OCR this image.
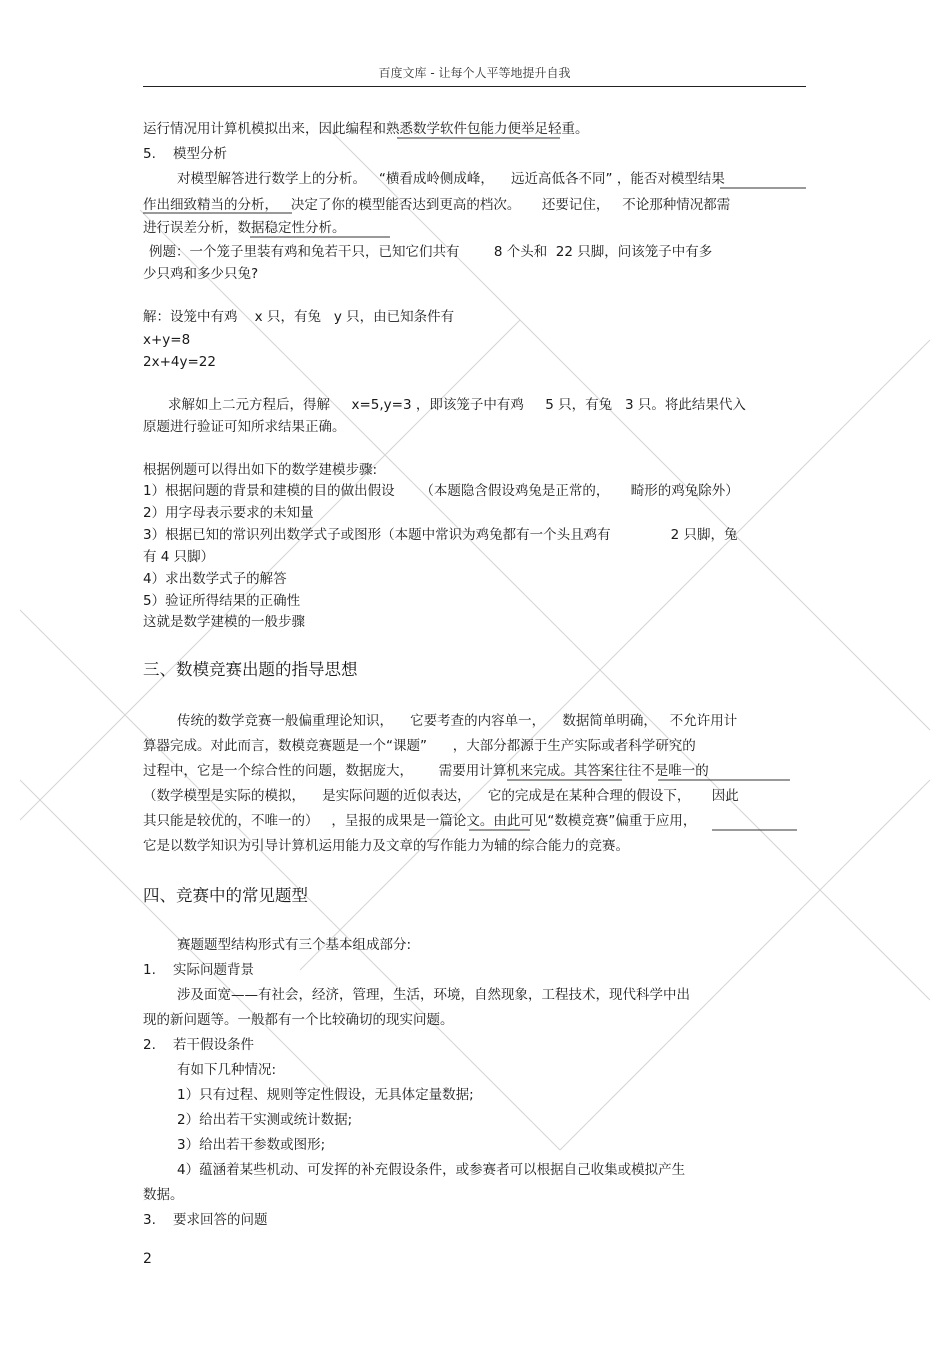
百度文库 - 让每个人平等地提升自我
运行情况用计算机模拟出来，因此编程和熟悉数学软件包能力便举足轻重。
5.    模型分析
对模型解答进行数学上的分析。   “横看成岭侧成峰，    远近高低各不同” ，能否对模型结果
作出细致精当的分析，   决定了你的模型能否达到更高的档次。     还要记住，   不论那种情况都需
进行误差分析，数据稳定性分析。
例题：一个笼子里装有鸡和兔若干只，已知它们共有        8 个头和  22 只脚，问该笼子中有多
少只鸡和多少只兔?
解：设笼中有鸡    x 只，有兔   y 只，由已知条件有
x+y=8
2x+4y=22
求解如上二元方程后，得解     x=5,y=3 ，即该笼子中有鸡     5 只，有兔   3 只。将此结果代入
原题进行验证可知所求结果正确。
根据例题可以得出如下的数学建模步骤:
1）根据问题的背景和建模的目的做出假设      （本题隐含假设鸡兔是正常的，     畸形的鸡兔除外）
2）用字母表示要求的未知量
3）根据已知的常识列出数学式子或图形（本题中常识为鸡兔都有一个头且鸡有              2 只脚，兔
有 4 只脚）
4）求出数学式子的解答
5）验证所得结果的正确性
这就是数学建模的一般步骤
三、数模竞赛出题的指导思想
传统的数学竞赛一般偏重理论知识，    它要考查的内容单一，    数据简单明确，   不允许用计
算器完成。对此而言，数模竞赛题是一个“课题”      ，大部分都源于生产实际或者科学研究的
过程中，它是一个综合性的问题，数据庞大，      需要用计算机来完成。其答案往往不是唯一的
（数学模型是实际的模拟，    是实际问题的近似表达，    它的完成是在某种合理的假设下，     因此
其只能是较优的，不唯一的）   ，呈报的成果是一篇论文。由此可见“数模竞赛”偏重于应用，
它是以数学知识为引导计算机运用能力及文章的写作能力为辅的综合能力的竞赛。
四、竞赛中的常见题型
赛题题型结构形式有三个基本组成部分:
1.    实际问题背景
涉及面宽——有社会，经济，管理，生活，环境，自然现象，工程技术，现代科学中出
现的新问题等。一般都有一个比较确切的现实问题。
2.    若干假设条件
有如下几种情况:
1）只有过程、规则等定性假设，无具体定量数据;
2）给出若干实测或统计数据;
3）给出若干参数或图形;
4）蕴涵着某些机动、可发挥的补充假设条件，或参赛者可以根据自己收集或模拟产生
数据。
3.    要求回答的问题
2
